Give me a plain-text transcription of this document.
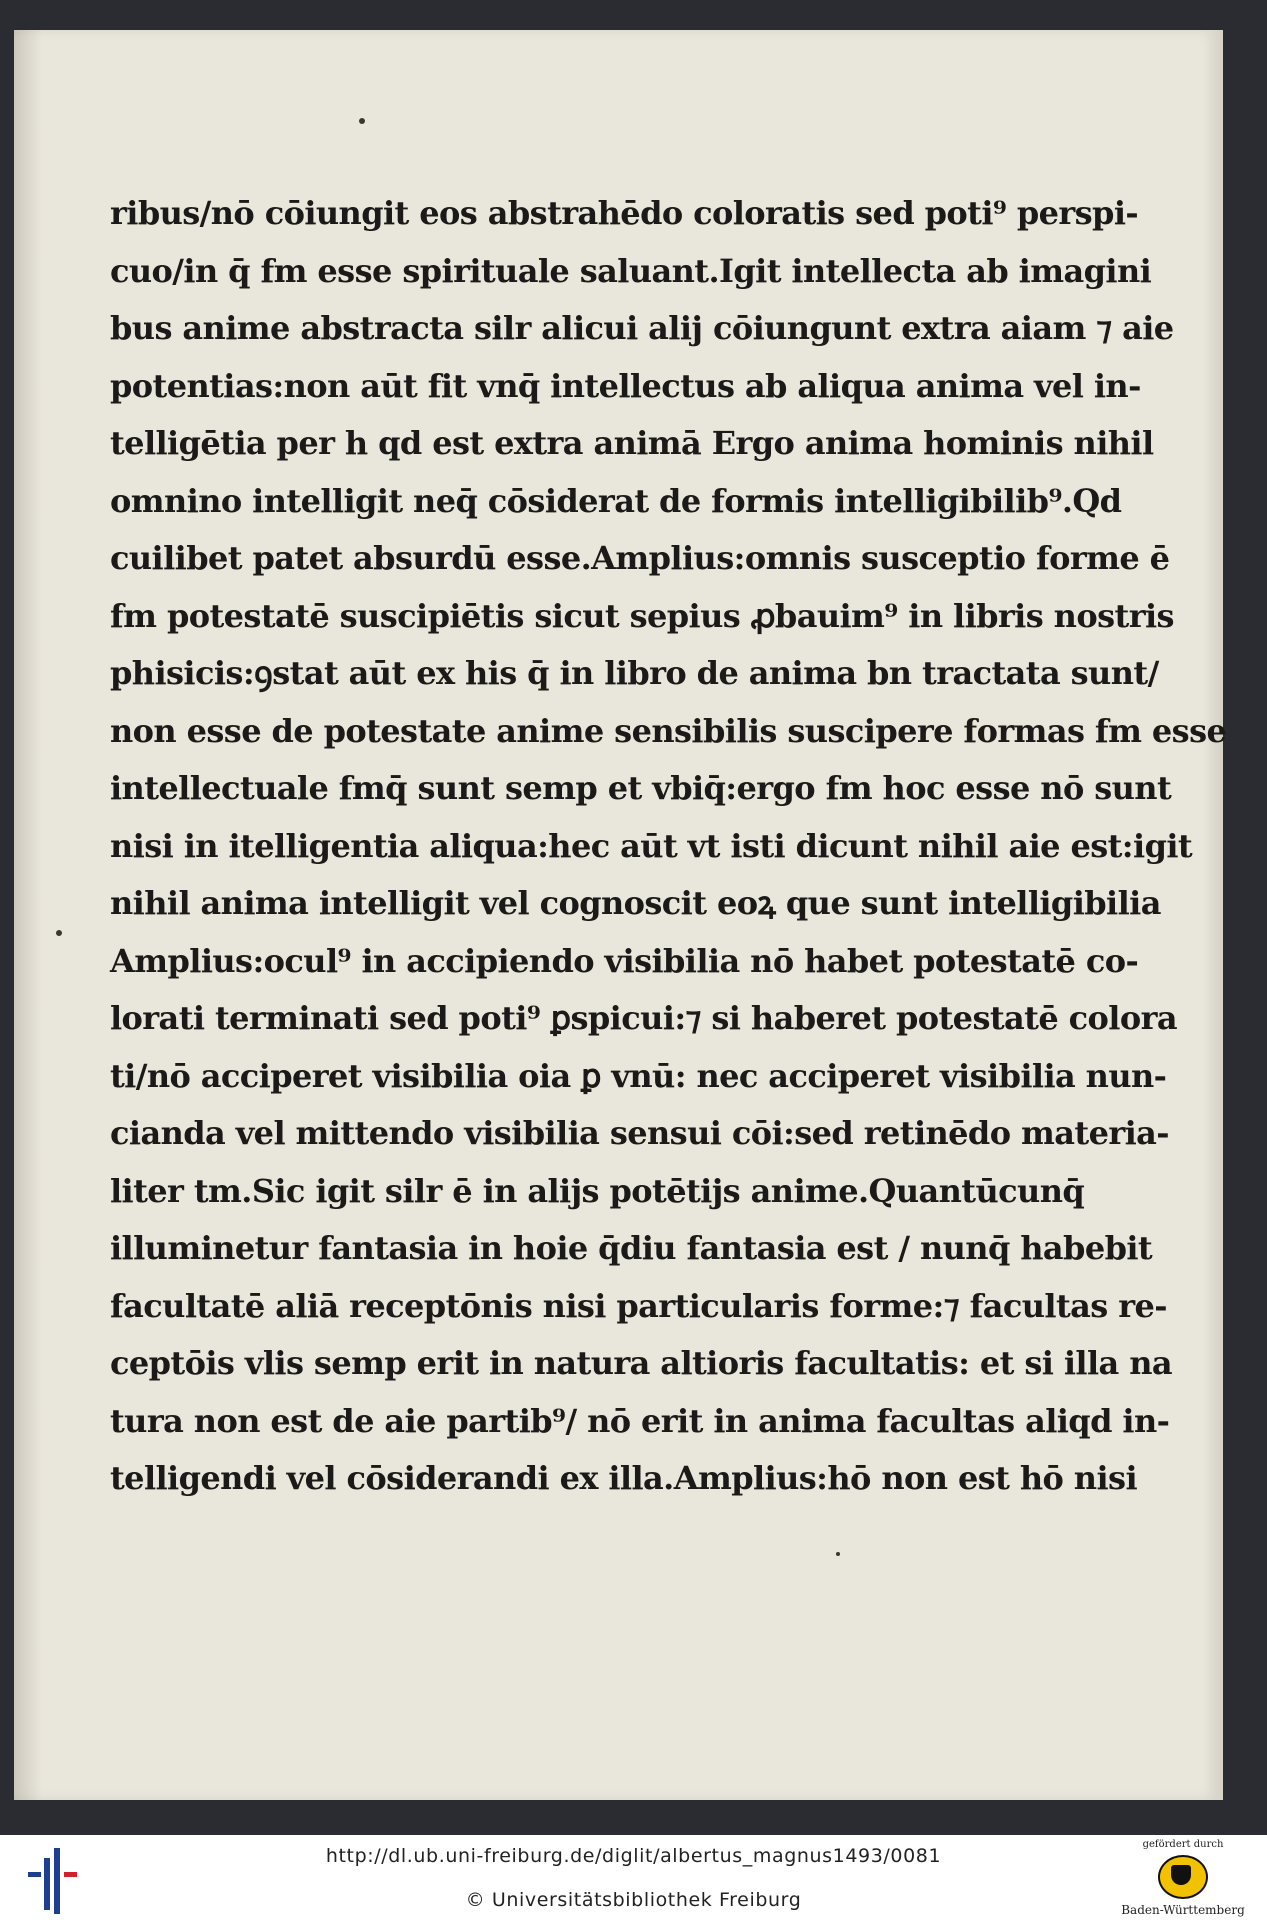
ribus/nō cōiungit eos abstrahēdo coloratis sed poti⁹ perspi-
cuo/in q̄ fm esse spirituale saluant.Igit intellecta ab imagini
bus anime abstracta silr alicui alij cōiungunt extra aiam ⁊ aie
potentias:non aūt fit vnq̄ intellectus ab aliqua anima vel in-
telligētia per h qd est extra animā Ergo anima hominis nihil
omnino intelligit neq̄ cōsiderat de formis intelligibilib⁹.Qd
cuilibet patet absurdū esse.Amplius:omnis susceptio forme ē
fm potestatē suscipiētis sicut sepius ꝓbauim⁹ in libris nostris
phisicis:ꝯstat aūt ex his q̄ in libro de anima bn tractata sunt/
non esse de potestate anime sensibilis suscipere formas fm esse
intellectuale fmq̄ sunt semp et vbiq̄:ergo fm hoc esse nō sunt
nisi in itelligentia aliqua:hec aūt vt isti dicunt nihil aie est:igit
nihil anima intelligit vel cognoscit eoꝝ que sunt intelligibilia
Amplius:ocul⁹ in accipiendo visibilia nō habet potestatē co-
lorati terminati sed poti⁹ ꝑspicui:⁊ si haberet potestatē colora
ti/nō acciperet visibilia oia ꝑ vnū: nec acciperet visibilia nun-
cianda vel mittendo visibilia sensui cōi:sed retinēdo materia-
liter tm.Sic igit silr ē in alijs potētijs anime.Quantūcunq̄
illuminetur fantasia in hoie q̄diu fantasia est / nunq̄ habebit
facultatē aliā receptōnis nisi particularis forme:⁊ facultas re-
ceptōis vlis semp erit in natura altioris facultatis: et si illa na
tura non est de aie partib⁹/ nō erit in anima facultas aliqd in-
telligendi vel cōsiderandi ex illa.Amplius:hō non est hō nisi
http://dl.ub.uni-freiburg.de/diglit/albertus_magnus1493/0081
© Universitätsbibliothek Freiburg
gefördert durch
Baden-Württemberg
